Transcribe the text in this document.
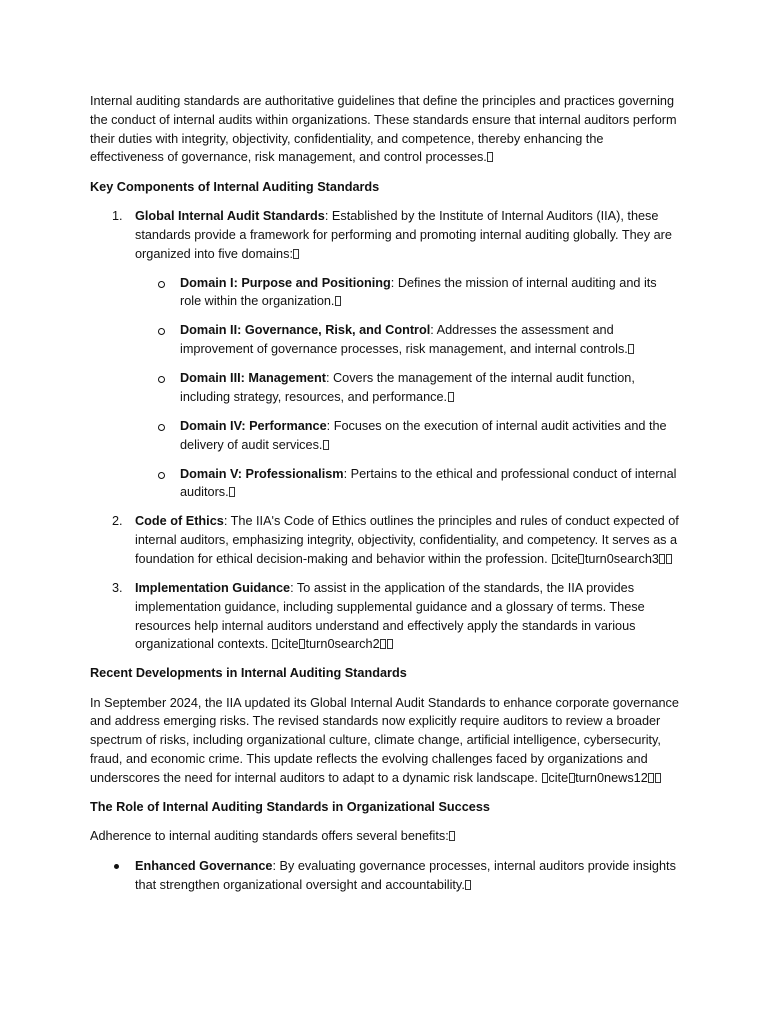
Internal auditing standards are authoritative guidelines that define the principles and practices governing the conduct of internal audits within organizations. These standards ensure that internal auditors perform their duties with integrity, objectivity, confidentiality, and competence, thereby enhancing the effectiveness of governance, risk management, and control processes.

Key Components of Internal Auditing Standards

1. Global Internal Audit Standards: Established by the Institute of Internal Auditors (IIA), these standards provide a framework for performing and promoting internal auditing globally. They are organized into five domains:

Domain I: Purpose and Positioning: Defines the mission of internal auditing and its role within the organization.
Domain II: Governance, Risk, and Control: Addresses the assessment and improvement of governance processes, risk management, and internal controls.
Domain III: Management: Covers the management of the internal audit function, including strategy, resources, and performance.
Domain IV: Performance: Focuses on the execution of internal audit activities and the delivery of audit services.
Domain V: Professionalism: Pertains to the ethical and professional conduct of internal auditors.
2. Code of Ethics: The IIA's Code of Ethics outlines the principles and rules of conduct expected of internal auditors, emphasizing integrity, objectivity, confidentiality, and competency. It serves as a foundation for ethical decision-making and behavior within the profession. cite turn0search3

3. Implementation Guidance: To assist in the application of the standards, the IIA provides implementation guidance, including supplemental guidance and a glossary of terms. These resources help internal auditors understand and effectively apply the standards in various organizational contexts. cite turn0search2

Recent Developments in Internal Auditing Standards

In September 2024, the IIA updated its Global Internal Audit Standards to enhance corporate governance and address emerging risks. The revised standards now explicitly require auditors to review a broader spectrum of risks, including organizational culture, climate change, artificial intelligence, cybersecurity, fraud, and economic crime. This update reflects the evolving challenges faced by organizations and underscores the need for internal auditors to adapt to a dynamic risk landscape. cite turn0news12

The Role of Internal Auditing Standards in Organizational Success

Adherence to internal auditing standards offers several benefits:

Enhanced Governance: By evaluating governance processes, internal auditors provide insights that strengthen organizational oversight and accountability.
